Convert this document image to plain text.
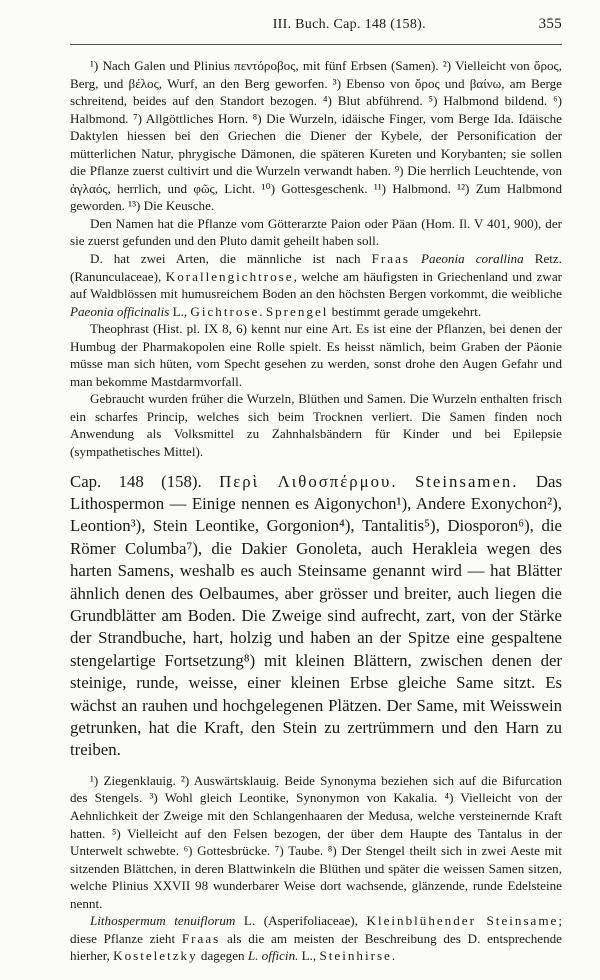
III. Buch. Cap. 148 (158).	355

¹) Nach Galen und Plinius πεντόροβος, mit fünf Erbsen (Samen). ²) Vielleicht von ὄρος, Berg, und βέλος, Wurf, an den Berg geworfen. ³) Ebenso von ὄρος und βαίνω, am Berge schreitend, beides auf den Standort bezogen. ⁴) Blut abführend. ⁵) Halbmond bildend. ⁶) Halbmond. ⁷) Allgöttliches Horn. ⁸) Die Wurzeln, idäische Finger, vom Berge Ida. Idäische Daktylen hiessen bei den Griechen die Diener der Kybele, der Personification der mütterlichen Natur, phrygische Dämonen, die späteren Kureten und Korybanten; sie sollen die Pflanze zuerst cultivirt und die Wurzeln verwandt haben. ⁹) Die herrlich Leuchtende, von ἀγλαός, herrlich, und φῶς, Licht. ¹⁰) Gottesgeschenk. ¹¹) Halbmond. ¹²) Zum Halbmond geworden. ¹³) Die Keusche.

Den Namen hat die Pflanze vom Götterarzte Paion oder Päan (Hom. Il. V 401, 900), der sie zuerst gefunden und den Pluto damit geheilt haben soll.

D. hat zwei Arten, die männliche ist nach Fraas Paeonia corallina Retz. (Ranunculaceae), Korallengichtrose, welche am häufigsten in Griechenland und zwar auf Waldblössen mit humusreichem Boden an den höchsten Bergen vorkommt, die weibliche Paeonia officinalis L., Gichtrose. Sprengel bestimmt gerade umgekehrt.

Theophrast (Hist. pl. IX 8, 6) kennt nur eine Art. Es ist eine der Pflanzen, bei denen der Humbug der Pharmakopolen eine Rolle spielt. Es heisst nämlich, beim Graben der Päonie müsse man sich hüten, vom Specht gesehen zu werden, sonst drohe den Augen Gefahr und man bekomme Mastdarmvorfall.

Gebraucht wurden früher die Wurzeln, Blüthen und Samen. Die Wurzeln enthalten frisch ein scharfes Princip, welches sich beim Trocknen verliert. Die Samen finden noch Anwendung als Volksmittel zu Zahnhalsbändern für Kinder und bei Epilepsie (sympathetisches Mittel).

Cap. 148 (158). Περὶ Λιθοσπέρμου. Steinsamen. Das Lithospermon — Einige nennen es Aigonychon¹), Andere Exonychon²), Leontion³), Stein Leontike, Gorgonion⁴), Tantalitis⁵), Diosporon⁶), die Römer Columba⁷), die Dakier Gonoleta, auch Herakleia wegen des harten Samens, weshalb es auch Steinsame genannt wird — hat Blätter ähnlich denen des Oelbaumes, aber grösser und breiter, auch liegen die Grundblätter am Boden. Die Zweige sind aufrecht, zart, von der Stärke der Strandbuche, hart, holzig und haben an der Spitze eine gespaltene stengelartige Fortsetzung⁸) mit kleinen Blättern, zwischen denen der steinige, runde, weisse, einer kleinen Erbse gleiche Same sitzt. Es wächst an rauhen und hochgelegenen Plätzen. Der Same, mit Weisswein getrunken, hat die Kraft, den Stein zu zertrümmern und den Harn zu treiben.

¹) Ziegenklauig. ²) Auswärtsklauig. Beide Synonyma beziehen sich auf die Bifurcation des Stengels. ³) Wohl gleich Leontike, Synonymon von Kakalia. ⁴) Vielleicht von der Aehnlichkeit der Zweige mit den Schlangenhaaren der Medusa, welche versteinernde Kraft hatten. ⁵) Vielleicht auf den Felsen bezogen, der über dem Haupte des Tantalus in der Unterwelt schwebte. ⁶) Gottesbrücke. ⁷) Taube. ⁸) Der Stengel theilt sich in zwei Aeste mit sitzenden Blättchen, in deren Blattwinkeln die Blüthen und später die weissen Samen sitzen, welche Plinius XXVII 98 wunderbarer Weise dort wachsende, glänzende, runde Edelsteine nennt.

Lithospermum tenuiflorum L. (Asperifoliaceae), Kleinblühender Steinsame; diese Pflanze zieht Fraas als die am meisten der Beschreibung des D. entsprechende hierher, Kosteletzky dagegen L. officin. L., Steinhirse.
